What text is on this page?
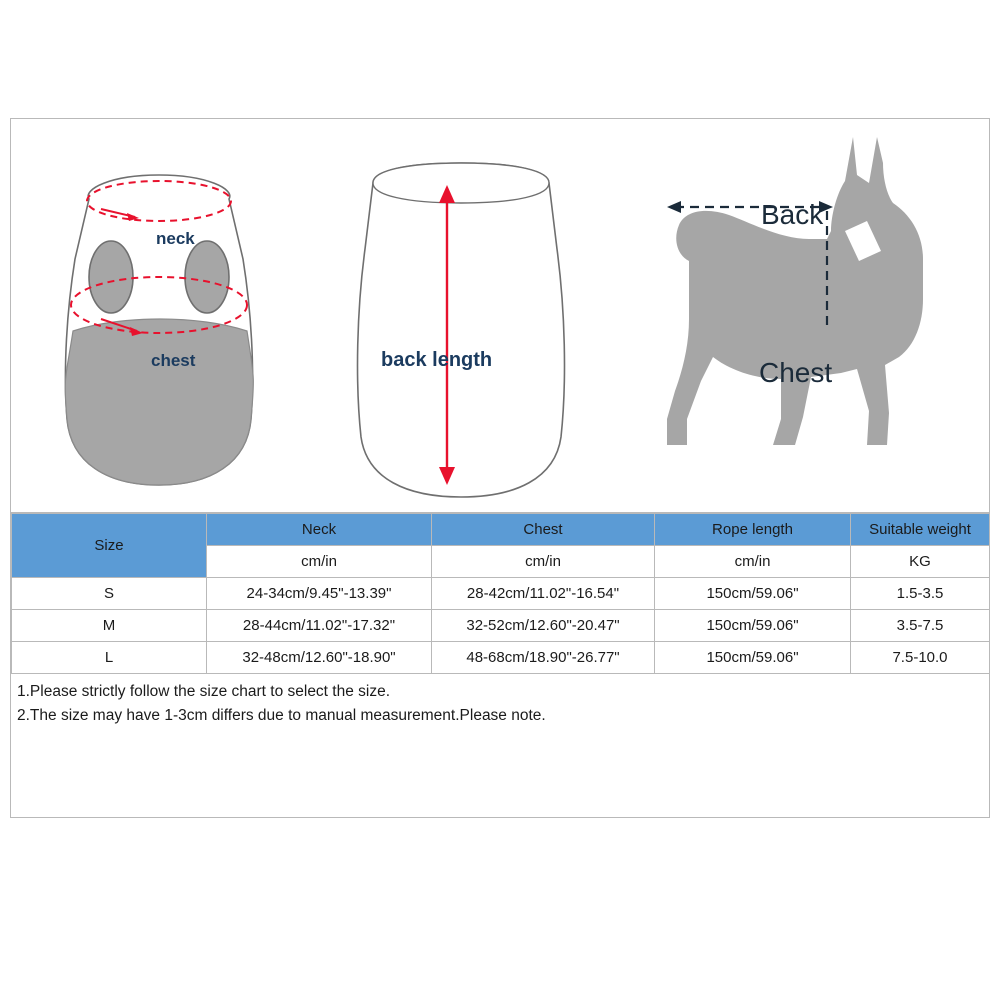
neck
chest	back length
Back
Chest
Size	Neck	Chest	Rope length	Suitable weight
	cm/in	cm/in	cm/in	KG
S	24-34cm/9.45"-13.39"	28-42cm/11.02"-16.54"	150cm/59.06"	1.5-3.5
M	28-44cm/11.02"-17.32"	32-52cm/12.60"-20.47"	150cm/59.06"	3.5-7.5
L	32-48cm/12.60"-18.90"	48-68cm/18.90"-26.77"	150cm/59.06"	7.5-10.0
1.Please strictly follow the size chart to select the size.
2.The size may have 1-3cm differs due to manual measurement.Please note.
